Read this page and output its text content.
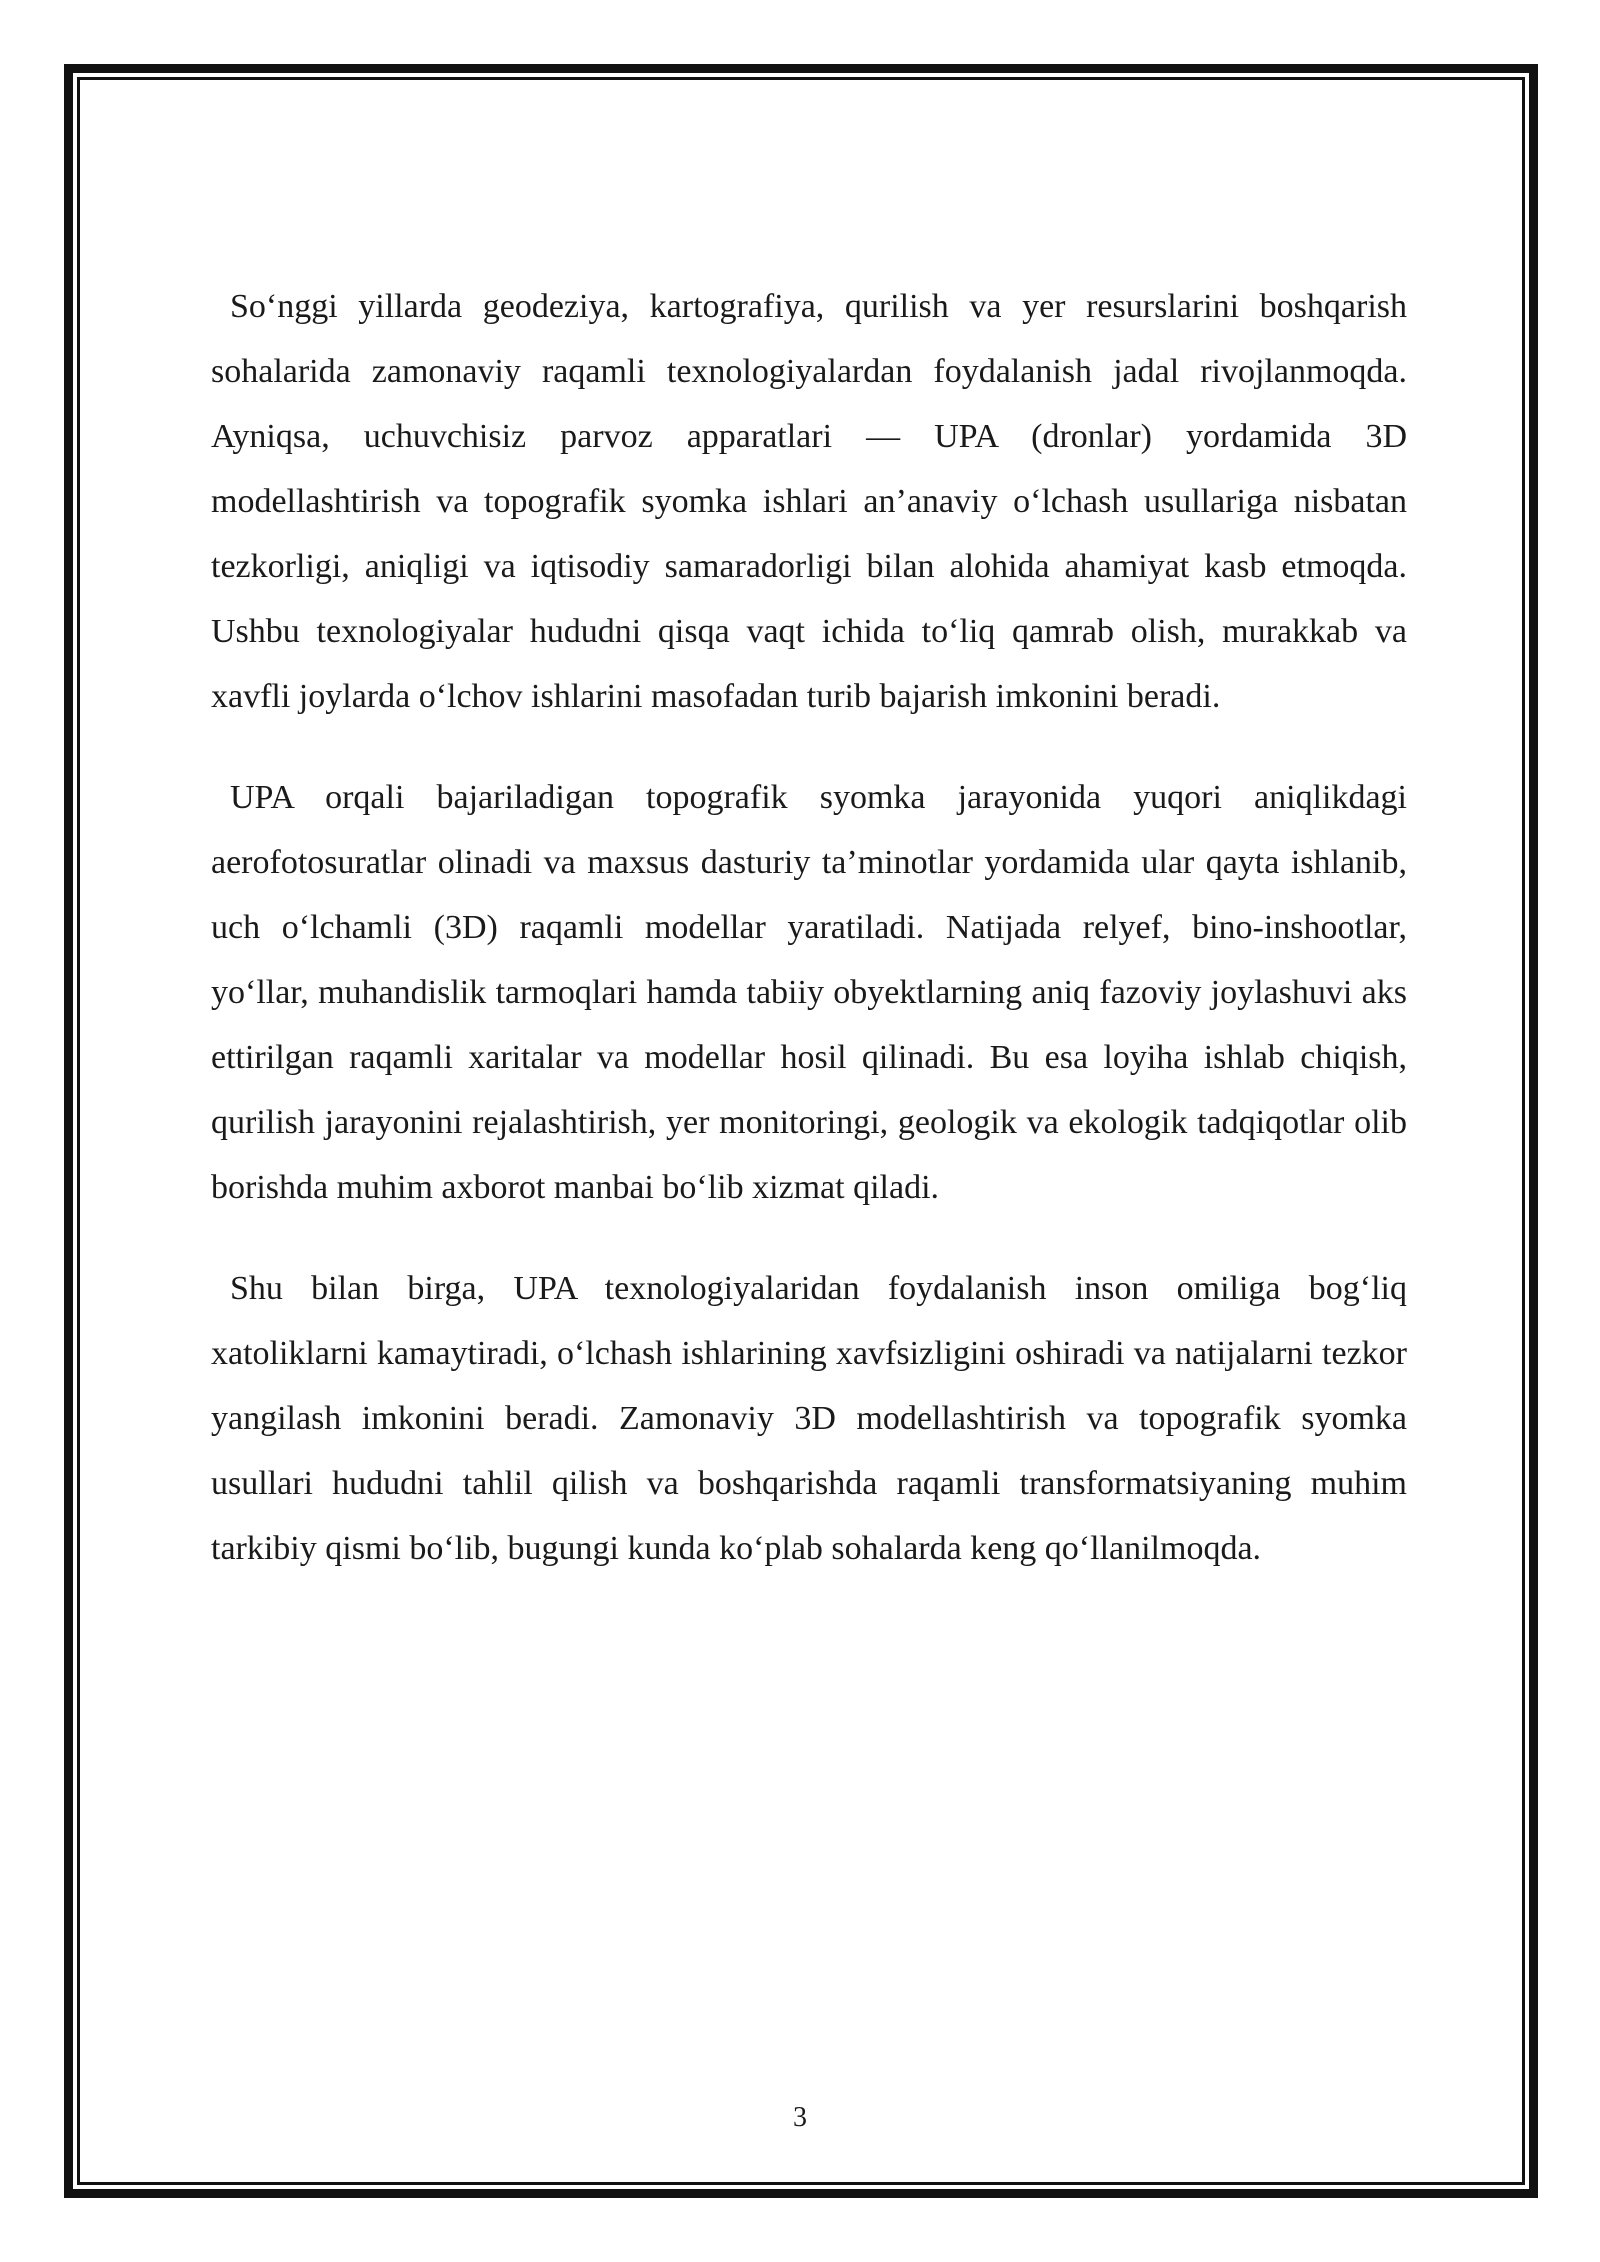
So‘nggi yillarda geodeziya, kartografiya, qurilish va yer resurslarini boshqarish sohalarida zamonaviy raqamli texnologiyalardan foydalanish jadal rivojlanmoqda. Ayniqsa, uchuvchisiz parvoz apparatlari — UPA (dronlar) yordamida 3D modellashtirish va topografik syomka ishlari an’anaviy o‘lchash usullariga nisbatan tezkorligi, aniqligi va iqtisodiy samaradorligi bilan alohida ahamiyat kasb etmoqda. Ushbu texnologiyalar hududni qisqa vaqt ichida to‘liq qamrab olish, murakkab va xavfli joylarda o‘lchov ishlarini masofadan turib bajarish imkonini beradi.

UPA orqali bajariladigan topografik syomka jarayonida yuqori aniqlikdagi aerofotosuratlar olinadi va maxsus dasturiy ta’minotlar yordamida ular qayta ishlanib, uch o‘lchamli (3D) raqamli modellar yaratiladi. Natijada relyef, bino-inshootlar, yo‘llar, muhandislik tarmoqlari hamda tabiiy obyektlarning aniq fazoviy joylashuvi aks ettirilgan raqamli xaritalar va modellar hosil qilinadi. Bu esa loyiha ishlab chiqish, qurilish jarayonini rejalashtirish, yer monitoringi, geologik va ekologik tadqiqotlar olib borishda muhim axborot manbai bo‘lib xizmat qiladi.

Shu bilan birga, UPA texnologiyalaridan foydalanish inson omiliga bog‘liq xatoliklarni kamaytiradi, o‘lchash ishlarining xavfsizligini oshiradi va natijalarni tezkor yangilash imkonini beradi. Zamonaviy 3D modellashtirish va topografik syomka usullari hududni tahlil qilish va boshqarishda raqamli transformatsiyaning muhim tarkibiy qismi bo‘lib, bugungi kunda ko‘plab sohalarda keng qo‘llanilmoqda.

3
